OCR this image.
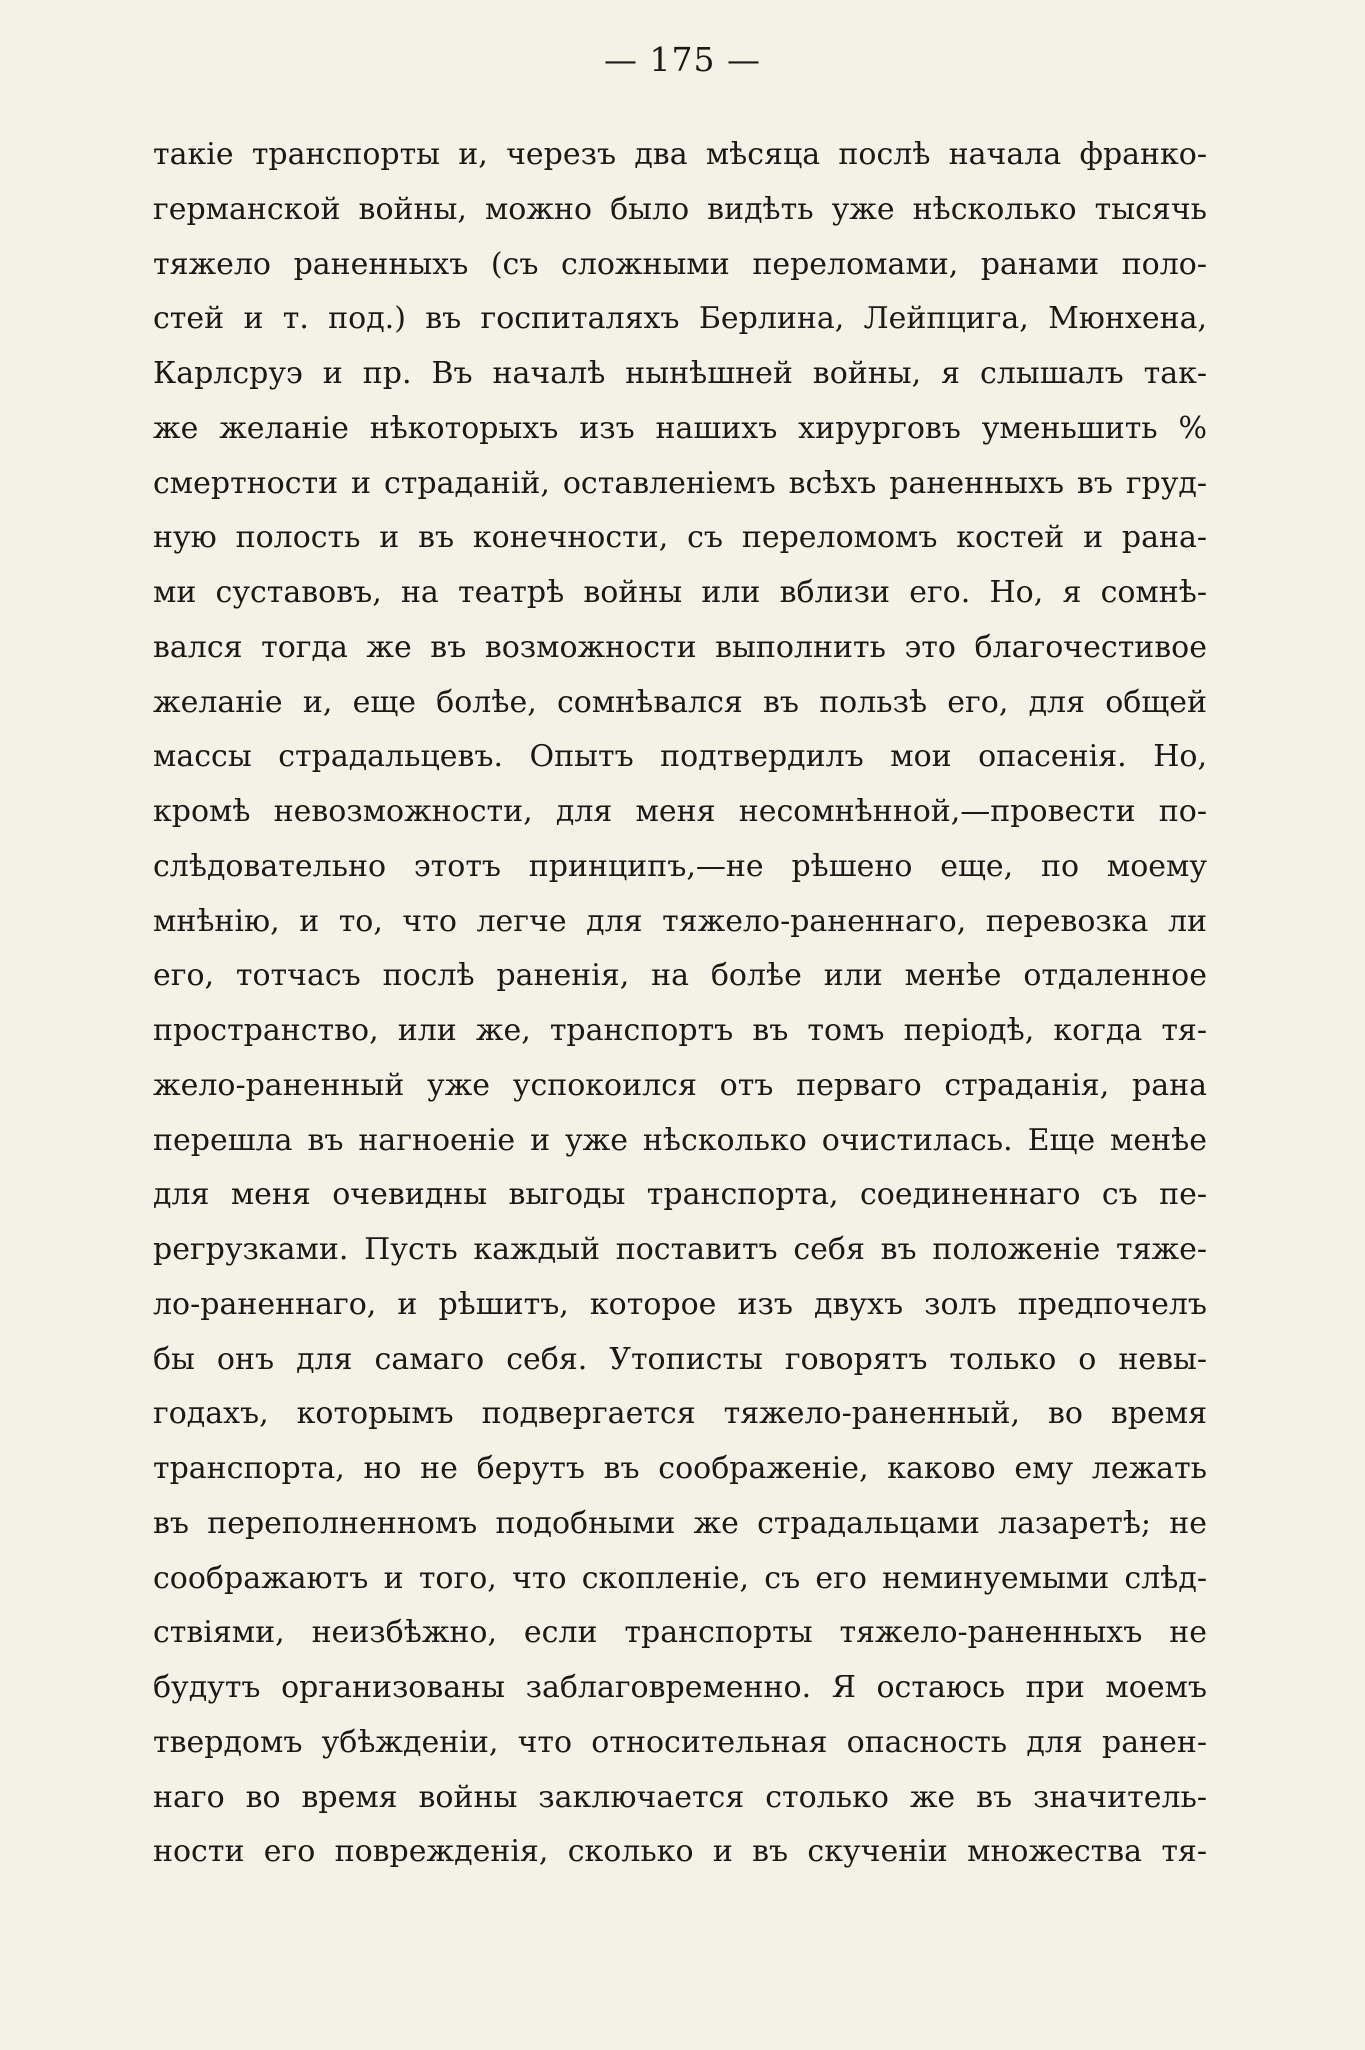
— 175 —
такіе транспорты и, черезъ два мѣсяца послѣ начала франко-
германской войны, можно было видѣть уже нѣсколько тысячь
тяжело раненныхъ (съ сложными переломами, ранами поло-
стей и т. под.) въ госпиталяхъ Берлина, Лейпцига, Мюнхена,
Карлсруэ и пр. Въ началѣ нынѣшней войны, я слышалъ так-
же желаніе нѣкоторыхъ изъ нашихъ хирурговъ уменьшить %
смертности и страданій, оставленіемъ всѣхъ раненныхъ въ груд-
ную полость и въ конечности, съ переломомъ костей и рана-
ми суставовъ, на театрѣ войны или вблизи его. Но, я сомнѣ-
вался тогда же въ возможности выполнить это благочестивое
желаніе и, еще болѣе, сомнѣвался въ пользѣ его, для общей
массы страдальцевъ. Опытъ подтвердилъ мои опасенія. Но,
кромѣ невозможности, для меня несомнѣнной,—провести по-
слѣдовательно этотъ принципъ,—не рѣшено еще, по моему
мнѣнію, и то, что легче для тяжело-раненнаго, перевозка ли
его, тотчасъ послѣ раненія, на болѣе или менѣе отдаленное
пространство, или же, транспортъ въ томъ періодѣ, когда тя-
жело-раненный уже успокоился отъ перваго страданія, рана
перешла въ нагноеніе и уже нѣсколько очистилась. Еще менѣе
для меня очевидны выгоды транспорта, соединеннаго съ пе-
регрузками. Пусть каждый поставитъ себя въ положеніе тяже-
ло-раненнаго, и рѣшитъ, которое изъ двухъ золъ предпочелъ
бы онъ для самаго себя. Утописты говорятъ только о невы-
годахъ, которымъ подвергается тяжело-раненный, во время
транспорта, но не берутъ въ соображеніе, каково ему лежать
въ переполненномъ подобными же страдальцами лазаретѣ; не
соображаютъ и того, что скопленіе, съ его неминуемыми слѣд-
ствіями, неизбѣжно, если транспорты тяжело-раненныхъ не
будутъ организованы заблаговременно. Я остаюсь при моемъ
твердомъ убѣжденіи, что относительная опасность для ранен-
наго во время войны заключается столько же въ значитель-
ности его поврежденія, сколько и въ скученіи множества тя-
